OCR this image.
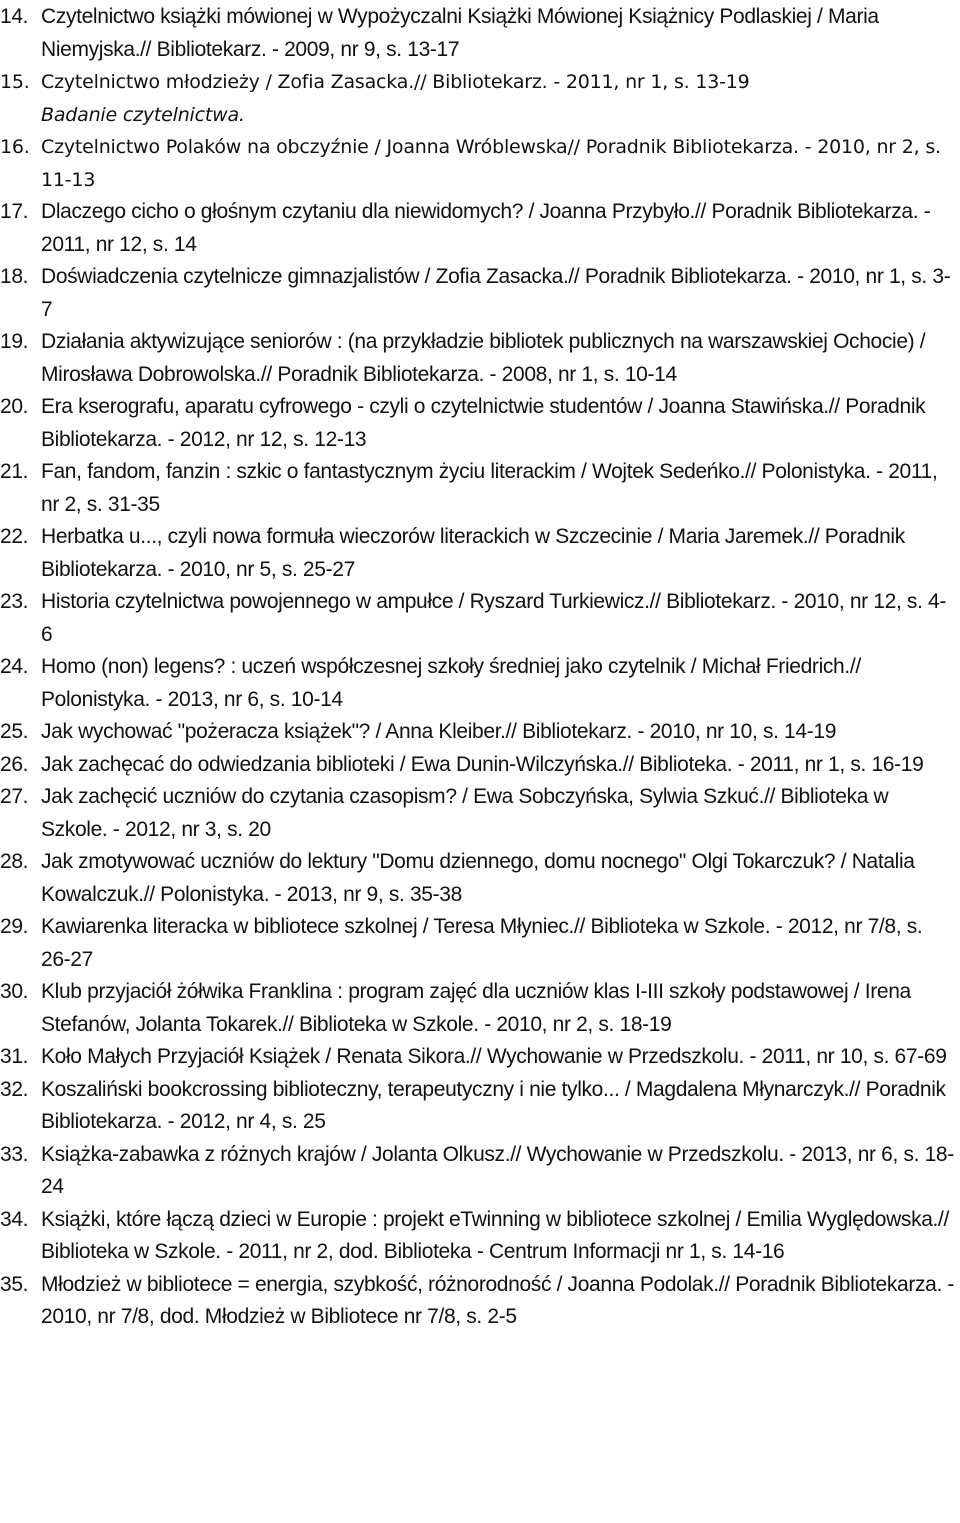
14. Czytelnictwo książki mówionej w Wypożyczalni Książki Mówionej Książnicy Podlaskiej / Maria Niemyjska.// Bibliotekarz. - 2009, nr 9, s. 13-17
15. Czytelnictwo młodzieży / Zofia Zasacka.// Bibliotekarz. - 2011, nr 1, s. 13-19
Badanie czytelnictwa.
16. Czytelnictwo Polaków na obczyźnie / Joanna Wróblewska// Poradnik Bibliotekarza. - 2010, nr 2, s. 11-13
17. Dlaczego cicho o głośnym czytaniu dla niewidomych? / Joanna Przybyło.// Poradnik Bibliotekarza. - 2011, nr 12, s. 14
18. Doświadczenia czytelnicze gimnazjalistów / Zofia Zasacka.// Poradnik Bibliotekarza. - 2010, nr 1, s. 3-7
19. Działania aktywizujące seniorów : (na przykładzie bibliotek publicznych na warszawskiej Ochocie) / Mirosława Dobrowolska.// Poradnik Bibliotekarza. - 2008, nr 1, s. 10-14
20. Era kserografu, aparatu cyfrowego - czyli o czytelnictwie studentów / Joanna Stawińska.// Poradnik Bibliotekarza. - 2012, nr 12, s. 12-13
21. Fan, fandom, fanzin : szkic o fantastycznym życiu literackim / Wojtek Sedeńko.// Polonistyka. - 2011, nr 2, s. 31-35
22. Herbatka u..., czyli nowa formuła wieczorów literackich w Szczecinie / Maria Jaremek.// Poradnik Bibliotekarza. - 2010, nr 5, s. 25-27
23. Historia czytelnictwa powojennego w ampułce / Ryszard Turkiewicz.// Bibliotekarz. - 2010, nr 12, s. 4-6
24. Homo (non) legens? : uczeń współczesnej szkoły średniej jako czytelnik / Michał Friedrich.// Polonistyka. - 2013, nr 6, s. 10-14
25. Jak wychować "pożeracza książek"? / Anna Kleiber.// Bibliotekarz. - 2010, nr 10, s. 14-19
26. Jak zachęcać do odwiedzania biblioteki / Ewa Dunin-Wilczyńska.// Biblioteka. - 2011, nr 1, s. 16-19
27. Jak zachęcić uczniów do czytania czasopism? / Ewa Sobczyńska, Sylwia Szkuć.// Biblioteka w Szkole. - 2012, nr 3, s. 20
28. Jak zmotywować uczniów do lektury "Domu dziennego, domu nocnego" Olgi Tokarczuk? / Natalia Kowalczuk.// Polonistyka. - 2013, nr 9, s. 35-38
29. Kawiarenka literacka w bibliotece szkolnej / Teresa Młyniec.// Biblioteka w Szkole. - 2012, nr 7/8, s. 26-27
30. Klub przyjaciół żółwika Franklina : program zajęć dla uczniów klas I-III szkoły podstawowej / Irena Stefanów, Jolanta Tokarek.// Biblioteka w Szkole. - 2010, nr 2, s. 18-19
31. Koło Małych Przyjaciół Książek / Renata Sikora.// Wychowanie w Przedszkolu. - 2011, nr 10, s. 67-69
32. Koszaliński bookcrossing biblioteczny, terapeutyczny i nie tylko... / Magdalena Młynarczyk.// Poradnik Bibliotekarza. - 2012, nr 4, s. 25
33. Książka-zabawka z różnych krajów / Jolanta Olkusz.// Wychowanie w Przedszkolu. - 2013, nr 6, s. 18-24
34. Książki, które łączą dzieci w Europie : projekt eTwinning w bibliotece szkolnej / Emilia Wyględowska.// Biblioteka w Szkole. - 2011, nr 2, dod. Biblioteka - Centrum Informacji nr 1, s. 14-16
35. Młodzież w bibliotece = energia, szybkość, różnorodność / Joanna Podolak.// Poradnik Bibliotekarza. - 2010, nr 7/8, dod. Młodzież w Bibliotece nr 7/8, s. 2-5
